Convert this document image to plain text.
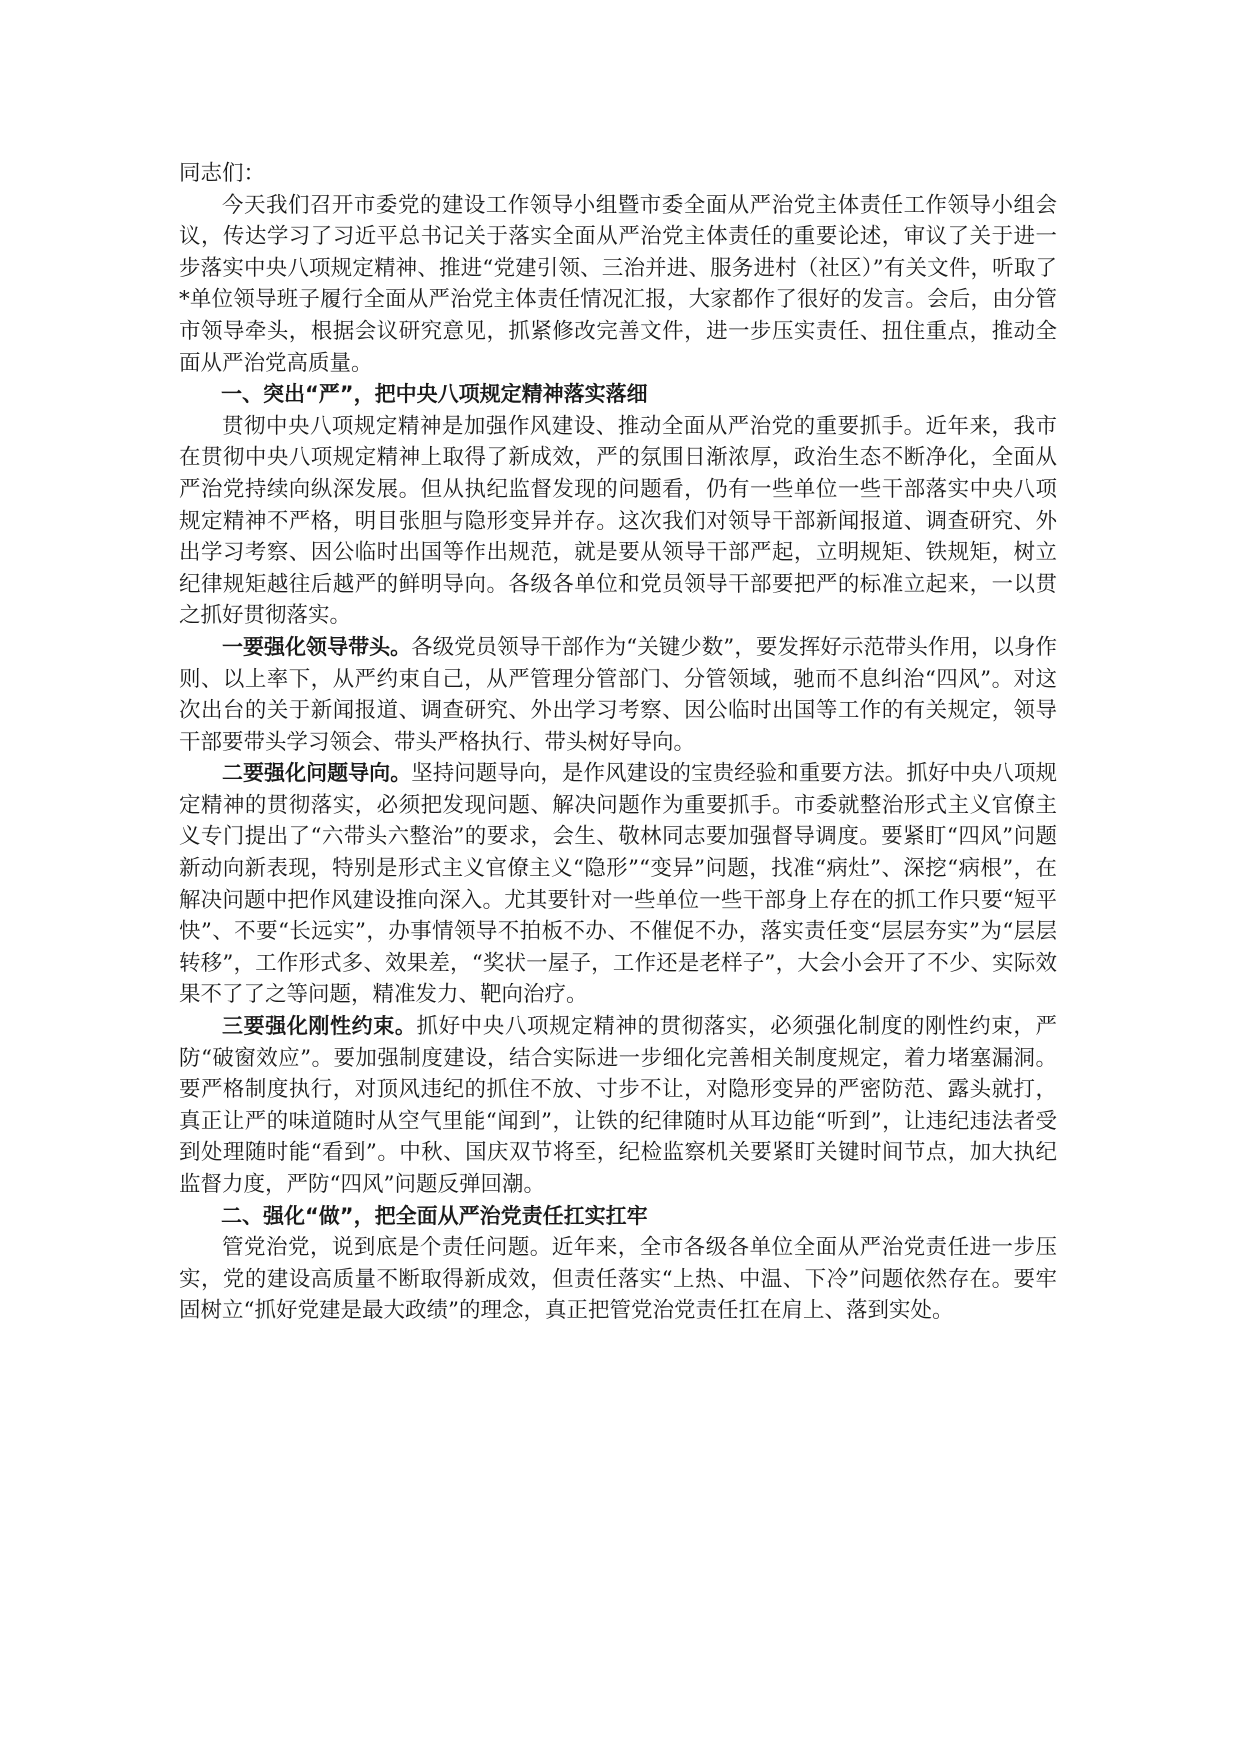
同志们：

今天我们召开市委党的建设工作领导小组暨市委全面从严治党主体责任工作领导小组会议，传达学习了习近平总书记关于落实全面从严治党主体责任的重要论述，审议了关于进一步落实中央八项规定精神、推进“党建引领、三治并进、服务进村（社区）”有关文件，听取了*单位领导班子履行全面从严治党主体责任情况汇报，大家都作了很好的发言。会后，由分管市领导牵头，根据会议研究意见，抓紧修改完善文件，进一步压实责任、扭住重点，推动全面从严治党高质量。

一、突出“严”，把中央八项规定精神落实落细

贯彻中央八项规定精神是加强作风建设、推动全面从严治党的重要抓手。近年来，我市在贯彻中央八项规定精神上取得了新成效，严的氛围日渐浓厚，政治生态不断净化，全面从严治党持续向纵深发展。但从执纪监督发现的问题看，仍有一些单位一些干部落实中央八项规定精神不严格，明目张胆与隐形变异并存。这次我们对领导干部新闻报道、调查研究、外出学习考察、因公临时出国等作出规范，就是要从领导干部严起，立明规矩、铁规矩，树立纪律规矩越往后越严的鲜明导向。各级各单位和党员领导干部要把严的标准立起来，一以贯之抓好贯彻落实。

一要强化领导带头。各级党员领导干部作为“关键少数”，要发挥好示范带头作用，以身作则、以上率下，从严约束自己，从严管理分管部门、分管领域，驰而不息纠治“四风”。对这次出台的关于新闻报道、调查研究、外出学习考察、因公临时出国等工作的有关规定，领导干部要带头学习领会、带头严格执行、带头树好导向。

二要强化问题导向。坚持问题导向，是作风建设的宝贵经验和重要方法。抓好中央八项规定精神的贯彻落实，必须把发现问题、解决问题作为重要抓手。市委就整治形式主义官僚主义专门提出了“六带头六整治”的要求，会生、敬林同志要加强督导调度。要紧盯“四风”问题新动向新表现，特别是形式主义官僚主义“隐形”“变异”问题，找准“病灶”、深挖“病根”，在解决问题中把作风建设推向深入。尤其要针对一些单位一些干部身上存在的抓工作只要“短平快”、不要“长远实”，办事情领导不拍板不办、不催促不办，落实责任变“层层夯实”为“层层转移”，工作形式多、效果差，“奖状一屋子，工作还是老样子”，大会小会开了不少、实际效果不了了之等问题，精准发力、靶向治疗。

三要强化刚性约束。抓好中央八项规定精神的贯彻落实，必须强化制度的刚性约束，严防“破窗效应”。要加强制度建设，结合实际进一步细化完善相关制度规定，着力堵塞漏洞。要严格制度执行，对顶风违纪的抓住不放、寸步不让，对隐形变异的严密防范、露头就打，真正让严的味道随时从空气里能“闻到”，让铁的纪律随时从耳边能“听到”，让违纪违法者受到处理随时能“看到”。中秋、国庆双节将至，纪检监察机关要紧盯关键时间节点，加大执纪监督力度，严防“四风”问题反弹回潮。

二、强化“做”，把全面从严治党责任扛实扛牢

管党治党，说到底是个责任问题。近年来，全市各级各单位全面从严治党责任进一步压实，党的建设高质量不断取得新成效，但责任落实“上热、中温、下冷”问题依然存在。要牢固树立“抓好党建是最大政绩”的理念，真正把管党治党责任扛在肩上、落到实处。
